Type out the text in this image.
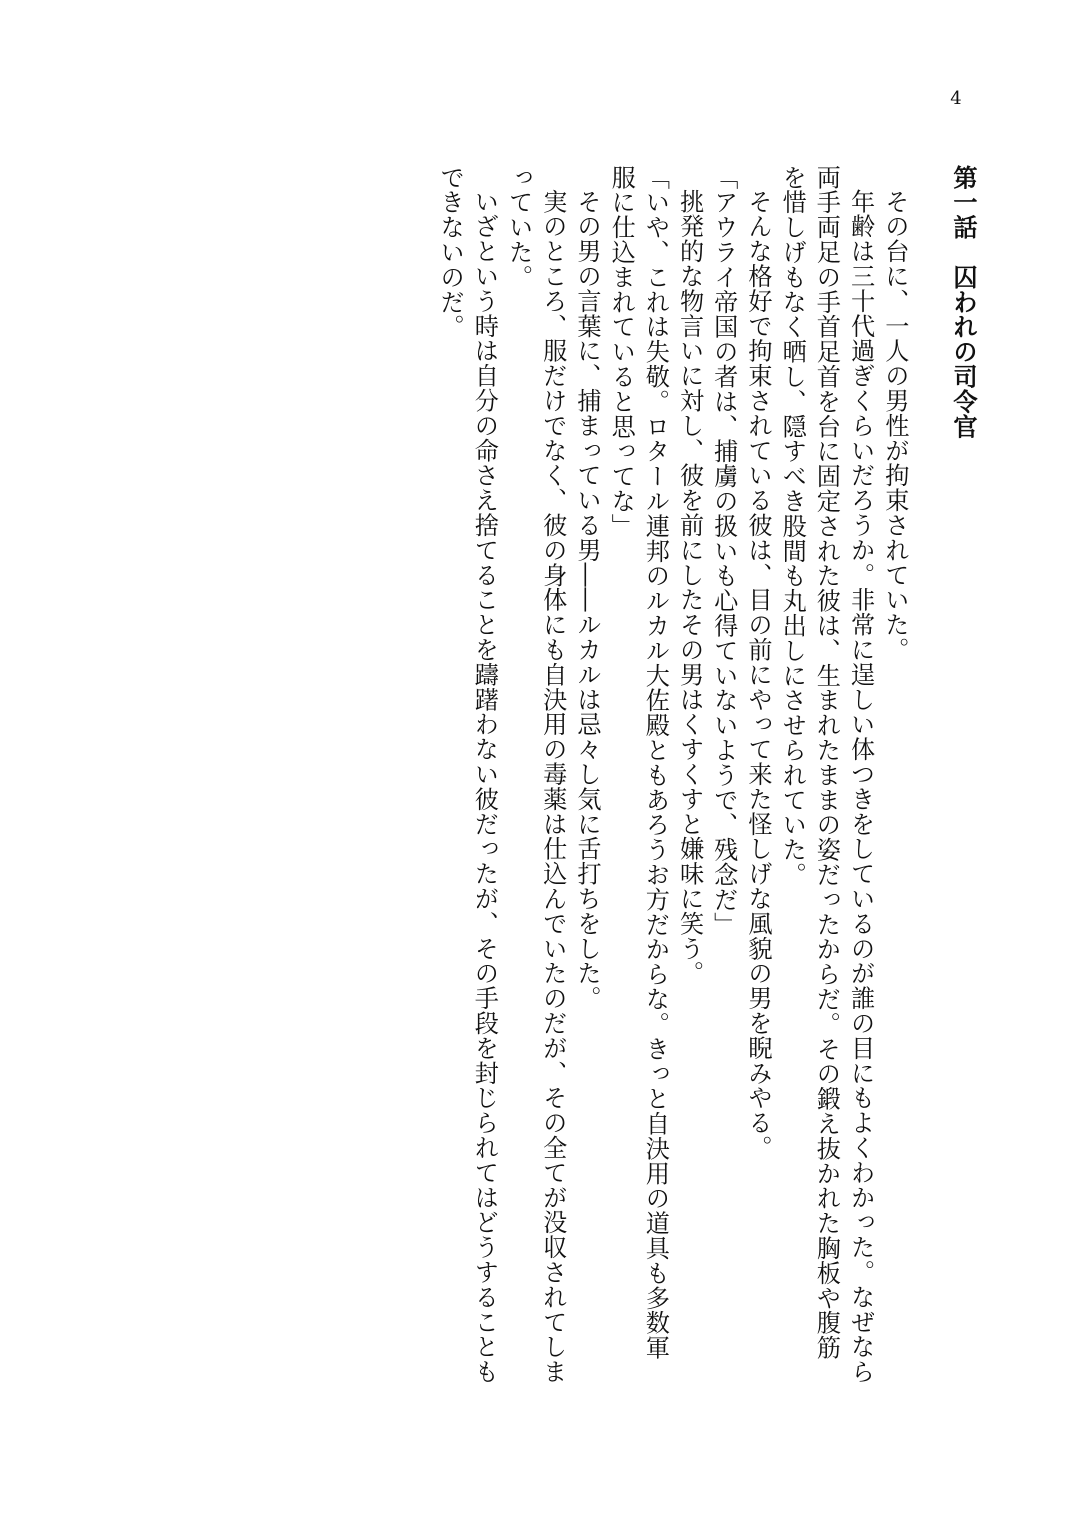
4

第一話　囚われの司令官

その台に、一人の男性が拘束されていた。

年齢は三十代過ぎくらいだろうか。非常に逞しい体つきをしているのが誰の目にもよくわかった。なぜなら両手両足の手首足首を台に固定された彼は、生まれたままの姿だったからだ。その鍛え抜かれた胸板や腹筋を惜しげもなく晒し、隠すべき股間も丸出しにさせられていた。

そんな格好で拘束されている彼は、目の前にやって来た怪しげな風貌の男を睨みやる。

「アウライ帝国の者は、捕虜の扱いも心得ていないようで、残念だ」

挑発的な物言いに対し、彼を前にしたその男はくすくすと嫌味に笑う。

「いや、これは失敬。ロタール連邦のルカル大佐殿ともあろうお方だからな。きっと自決用の道具も多数軍服に仕込まれていると思ってな」

その男の言葉に、捕まっている男――ルカルは忌々し気に舌打ちをした。

実のところ、服だけでなく、彼の身体にも自決用の毒薬は仕込んでいたのだが、その全てが没収されてしまっていた。

いざという時は自分の命さえ捨てることを躊躇わない彼だったが、その手段を封じられてはどうすることもできないのだ。
